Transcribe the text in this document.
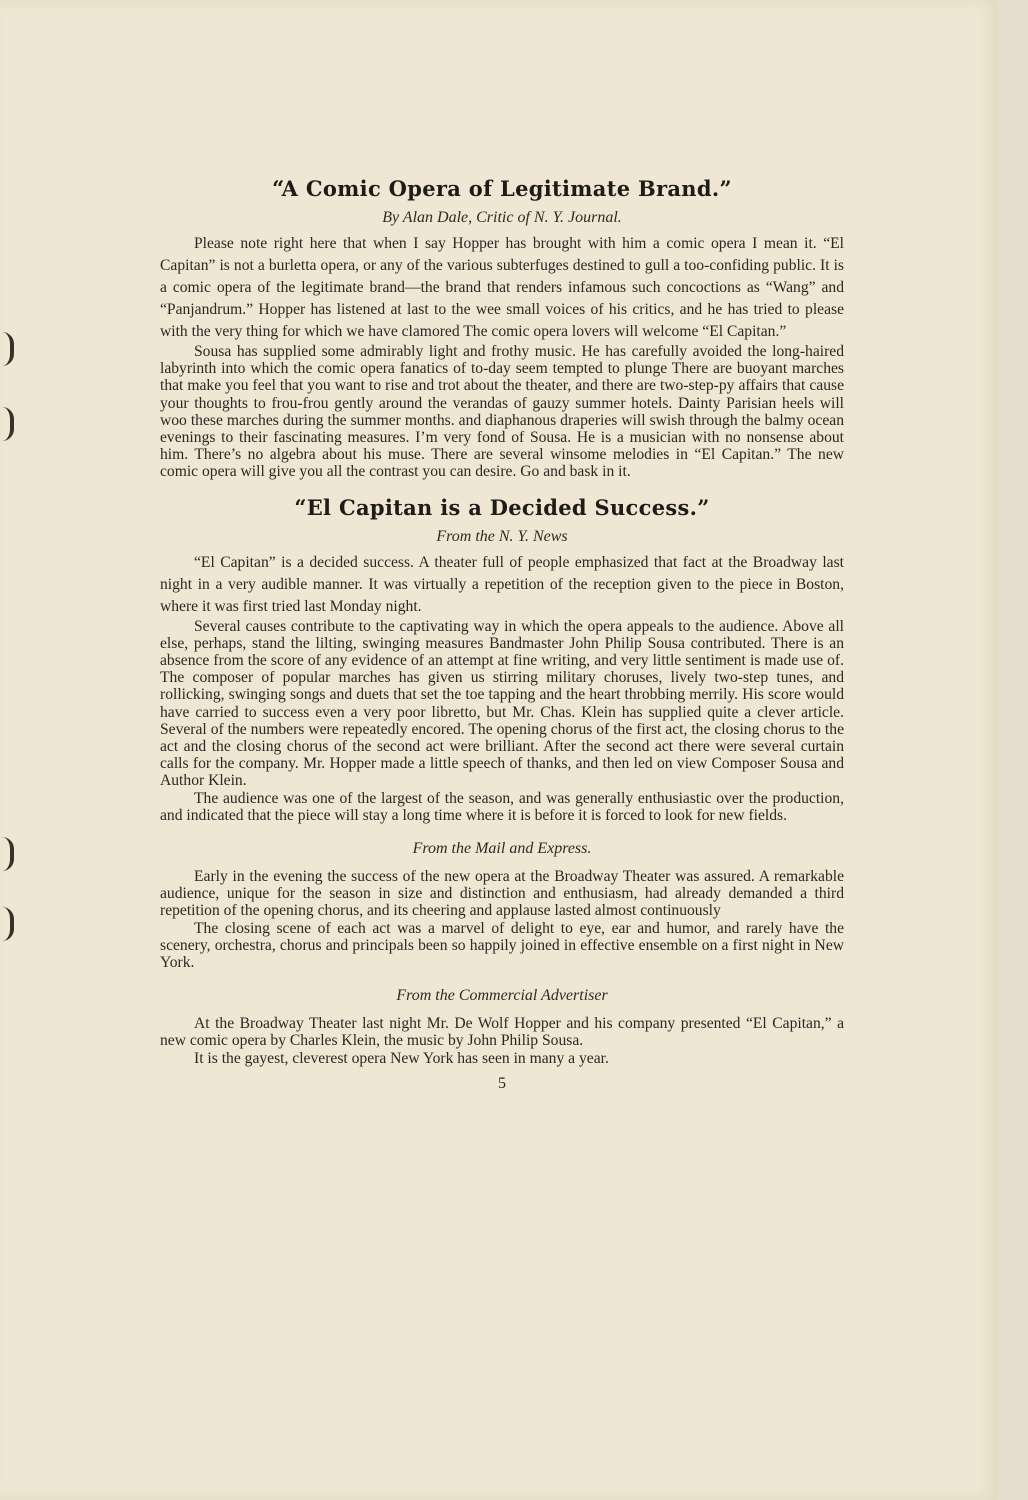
“A Comic Opera of Legitimate Brand.”
By Alan Dale, Critic of N. Y. Journal.

Please note right here that when I say Hopper has brought with him a comic opera I mean it. “El Capitan” is not a burletta opera, or any of the various subterfuges destined to gull a too-confiding public. It is a comic opera of the legitimate brand—the brand that renders infamous such concoctions as “Wang” and “Panjandrum.” Hopper has listened at last to the wee small voices of his critics, and he has tried to please with the very thing for which we have clamored The comic opera lovers will welcome “El Capitan.”

Sousa has supplied some admirably light and frothy music. He has carefully avoided the long-haired labyrinth into which the comic opera fanatics of to-day seem tempted to plunge There are buoyant marches that make you feel that you want to rise and trot about the theater, and there are two-step-py affairs that cause your thoughts to frou-frou gently around the verandas of gauzy summer hotels. Dainty Parisian heels will woo these marches during the summer months. and diaphanous draperies will swish through the balmy ocean evenings to their fascinating measures. I’m very fond of Sousa. He is a musician with no nonsense about him. There’s no algebra about his muse. There are several winsome melodies in “El Capitan.” The new comic opera will give you all the contrast you can desire. Go and bask in it.

“El Capitan is a Decided Success.”
From the N. Y. News

“El Capitan” is a decided success. A theater full of people emphasized that fact at the Broadway last night in a very audible manner. It was virtually a repetition of the reception given to the piece in Boston, where it was first tried last Monday night.

Several causes contribute to the captivating way in which the opera appeals to the audience. Above all else, perhaps, stand the lilting, swinging measures Bandmaster John Philip Sousa contributed. There is an absence from the score of any evidence of an attempt at fine writing, and very little sentiment is made use of. The composer of popular marches has given us stirring military choruses, lively two-step tunes, and rollicking, swinging songs and duets that set the toe tapping and the heart throbbing merrily. His score would have carried to success even a very poor libretto, but Mr. Chas. Klein has supplied quite a clever article. Several of the numbers were repeatedly encored. The opening chorus of the first act, the closing chorus to the act and the closing chorus of the second act were brilliant. After the second act there were several curtain calls for the company. Mr. Hopper made a little speech of thanks, and then led on view Composer Sousa and Author Klein.

The audience was one of the largest of the season, and was generally enthusiastic over the production, and indicated that the piece will stay a long time where it is before it is forced to look for new fields.

From the Mail and Express.

Early in the evening the success of the new opera at the Broadway Theater was assured. A remarkable audience, unique for the season in size and distinction and enthusiasm, had already demanded a third repetition of the opening chorus, and its cheering and applause lasted almost continuously

The closing scene of each act was a marvel of delight to eye, ear and humor, and rarely have the scenery, orchestra, chorus and principals been so happily joined in effective ensemble on a first night in New York.

From the Commercial Advertiser

At the Broadway Theater last night Mr. De Wolf Hopper and his company presented “El Capitan,” a new comic opera by Charles Klein, the music by John Philip Sousa.

It is the gayest, cleverest opera New York has seen in many a year.

5
